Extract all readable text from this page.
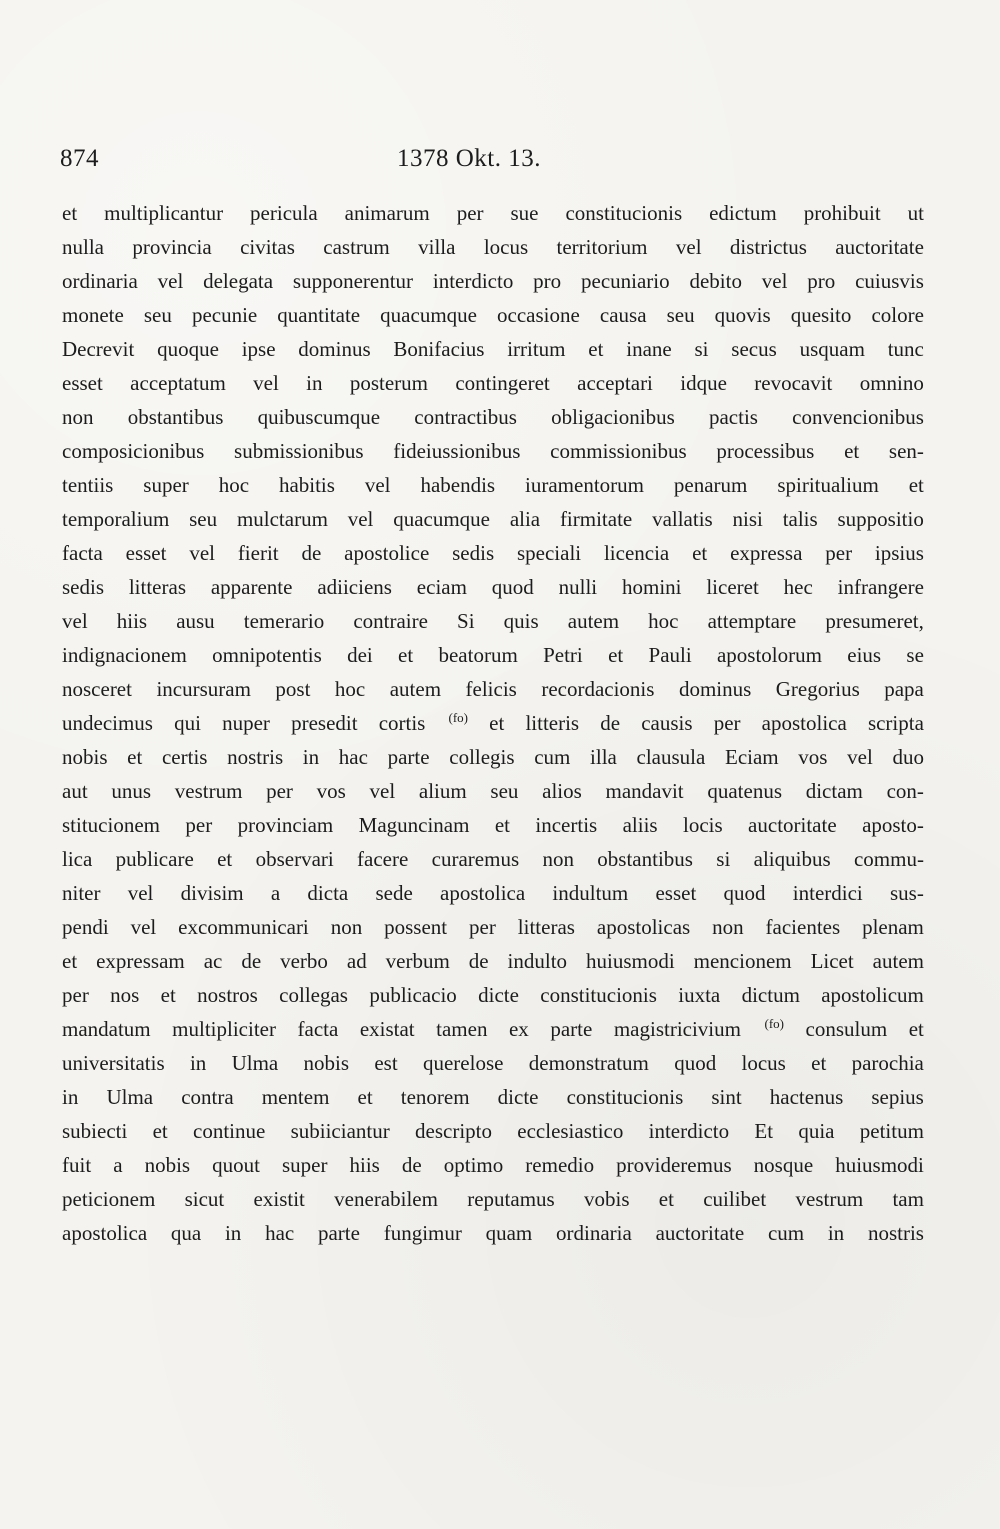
874	1378 Okt. 13.
et multiplicantur pericula animarum per sue constitucionis edictum prohibuit ut
nulla provincia civitas castrum villa locus territorium vel districtus auctoritate
ordinaria vel delegata supponerentur interdicto pro pecuniario debito vel pro cuiusvis
monete seu pecunie quantitate quacumque occasione causa seu quovis quesito colore
Decrevit quoque ipse dominus Bonifacius irritum et inane si secus usquam tunc
esset acceptatum vel in posterum contingeret acceptari idque revocavit omnino
non obstantibus quibuscumque contractibus obligacionibus pactis convencionibus
composicionibus submissionibus fideiussionibus commissionibus processibus et sen-
tentiis super hoc habitis vel habendis iuramentorum penarum spiritualium et
temporalium seu mulctarum vel quacumque alia firmitate vallatis nisi talis suppositio
facta esset vel fierit de apostolice sedis speciali licencia et expressa per ipsius
sedis litteras apparente adiiciens eciam quod nulli homini liceret hec infrangere
vel hiis ausu temerario contraire Si quis autem hoc attemptare presumeret,
indignacionem omnipotentis dei et beatorum Petri et Pauli apostolorum eius se
nosceret incursuram post hoc autem felicis recordacionis dominus Gregorius papa
undecimus qui nuper presedit cortis (fo) et litteris de causis per apostolica scripta
nobis et certis nostris in hac parte collegis cum illa clausula Eciam vos vel duo
aut unus vestrum per vos vel alium seu alios mandavit quatenus dictam con-
stitucionem per provinciam Maguncinam et incertis aliis locis auctoritate aposto-
lica publicare et observari facere curaremus non obstantibus si aliquibus commu-
niter vel divisim a dicta sede apostolica indultum esset quod interdici sus-
pendi vel excommunicari non possent per litteras apostolicas non facientes plenam
et expressam ac de verbo ad verbum de indulto huiusmodi mencionem Licet autem
per nos et nostros collegas publicacio dicte constitucionis iuxta dictum apostolicum
mandatum multipliciter facta existat tamen ex parte magistricivium (fo) consulum et
universitatis in Ulma nobis est querelose demonstratum quod locus et parochia
in Ulma contra mentem et tenorem dicte constitucionis sint hactenus sepius
subiecti et continue subiiciantur descripto ecclesiastico interdicto Et quia petitum
fuit a nobis quout super hiis de optimo remedio provideremus nosque huiusmodi
peticionem sicut existit venerabilem reputamus vobis et cuilibet vestrum tam
apostolica qua in hac parte fungimur quam ordinaria auctoritate cum in nostris
